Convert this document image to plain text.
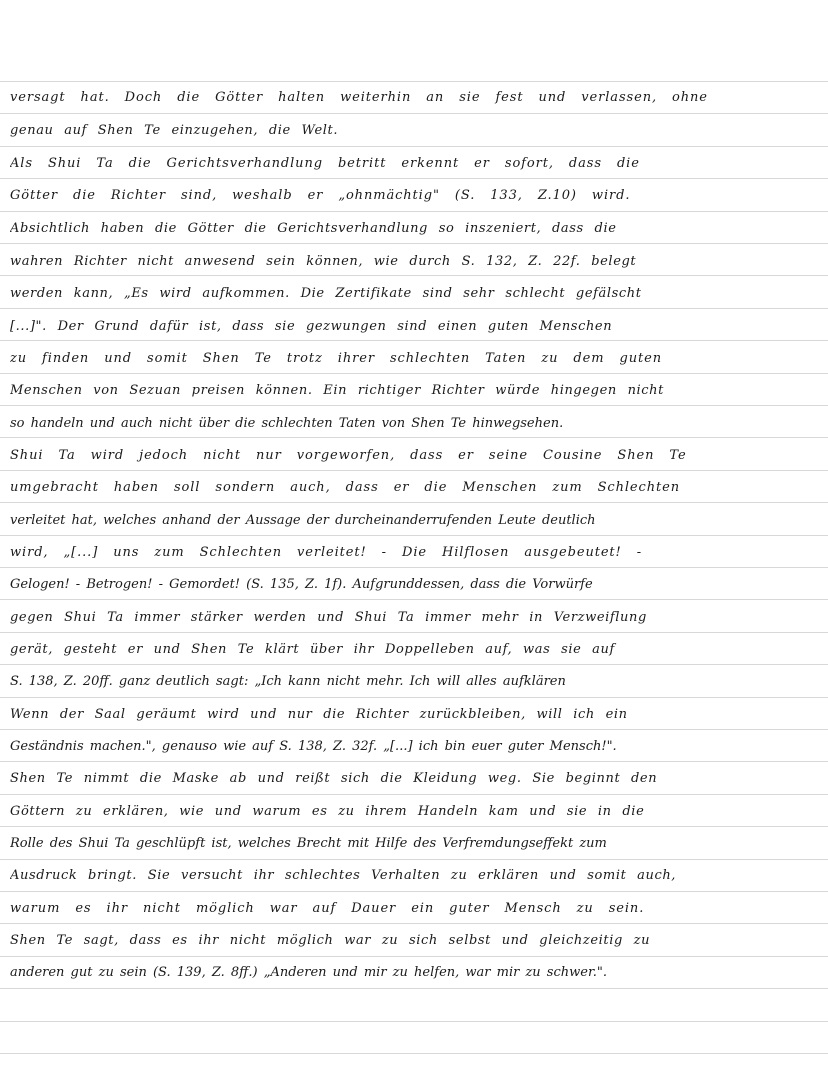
versagt hat. Doch die Götter halten weiterhin an sie fest und verlassen, ohne
genau auf Shen Te einzugehen, die Welt.
Als Shui Ta die Gerichtsverhandlung betritt erkennt er sofort, dass die
Götter die Richter sind, weshalb er „ohnmächtig" (S. 133, Z.10) wird.
Absichtlich haben die Götter die Gerichtsverhandlung so inszeniert, dass die
wahren Richter nicht anwesend sein können, wie durch S. 132, Z. 22f. belegt
werden kann, „Es wird aufkommen. Die Zertifikate sind sehr schlecht gefälscht
[...]". Der Grund dafür ist, dass sie gezwungen sind einen guten Menschen
zu finden und somit Shen Te trotz ihrer schlechten Taten zu dem guten
Menschen von Sezuan preisen können. Ein richtiger Richter würde hingegen nicht
so handeln und auch nicht über die schlechten Taten von Shen Te hinwegsehen.
Shui Ta wird jedoch nicht nur vorgeworfen, dass er seine Cousine Shen Te
umgebracht haben soll sondern auch, dass er die Menschen zum Schlechten
verleitet hat, welches anhand der Aussage der durcheinanderrufenden Leute deutlich
wird, „[...] uns zum Schlechten verleitet! - Die Hilflosen ausgebeutet! -
Gelogen! - Betrogen! - Gemordet! (S. 135, Z. 1f). Aufgrunddessen, dass die Vorwürfe
gegen Shui Ta immer stärker werden und Shui Ta immer mehr in Verzweiflung
gerät, gesteht er und Shen Te klärt über ihr Doppelleben auf, was sie auf
S. 138, Z. 20ff. ganz deutlich sagt: „Ich kann nicht mehr. Ich will alles aufklären
Wenn der Saal geräumt wird und nur die Richter zurückbleiben, will ich ein
Geständnis machen.", genauso wie auf S. 138, Z. 32f. „[...] ich bin euer guter Mensch!".
Shen Te nimmt die Maske ab und reißt sich die Kleidung weg. Sie beginnt den
Göttern zu erklären, wie und warum es zu ihrem Handeln kam und sie in die
Rolle des Shui Ta geschlüpft ist, welches Brecht mit Hilfe des Verfremdungseffekt zum
Ausdruck bringt. Sie versucht ihr schlechtes Verhalten zu erklären und somit auch,
warum es ihr nicht möglich war auf Dauer ein guter Mensch zu sein.
Shen Te sagt, dass es ihr nicht möglich war zu sich selbst und gleichzeitig zu
anderen gut zu sein (S. 139, Z. 8ff.) „Anderen und mir zu helfen, war mir zu schwer.".
